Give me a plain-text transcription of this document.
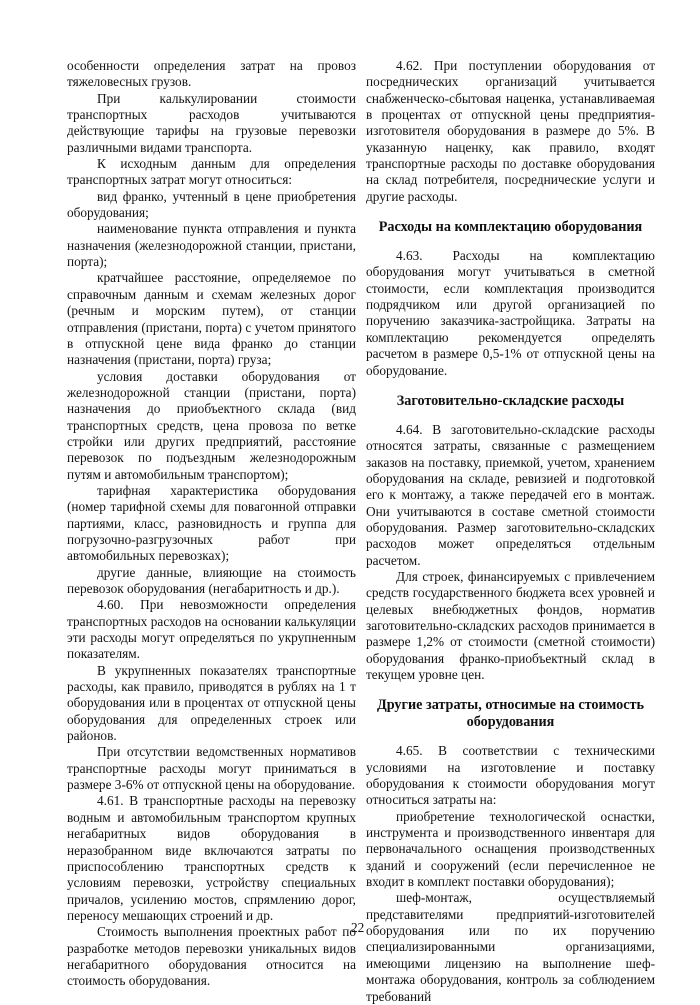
особенности определения затрат на провоз тяжеловесных грузов.

При калькулировании стоимости транспортных расходов учитываются действующие тарифы на грузовые перевозки различными видами транспорта.

К исходным данным для определения транспортных затрат могут относиться:

вид франко, учтенный в цене приобретения оборудования;

наименование пункта отправления и пункта назначения (железнодорожной станции, пристани, порта);

кратчайшее расстояние, определяемое по справочным данным и схемам железных дорог (речным и морским путем), от станции отправления (пристани, порта) с учетом принятого в отпускной цене вида франко до станции назначения (пристани, порта) груза;

условия доставки оборудования от железнодорожной станции (пристани, порта) назначения до приобъектного склада (вид транспортных средств, цена провоза по ветке стройки или других предприятий, расстояние перевозок по подъездным железнодорожным путям и автомобильным транспортом);

тарифная характеристика оборудования (номер тарифной схемы для повагонной отправки партиями, класс, разновидность и группа для погрузочно-разгрузочных работ при автомобильных перевозках);

другие данные, влияющие на стоимость перевозок оборудования (негабаритность и др.).

4.60. При невозможности определения транспортных расходов на основании калькуляции эти расходы могут определяться по укрупненным показателям.

В укрупненных показателях транспортные расходы, как правило, приводятся в рублях на 1 т оборудования или в процентах от отпускной цены оборудования для определенных строек или районов.

При отсутствии ведомственных нормативов транспортные расходы могут приниматься в размере 3-6% от отпускной цены на оборудование.

4.61. В транспортные расходы на перевозку водным и автомобильным транспортом крупных негабаритных видов оборудования в неразобранном виде включаются затраты по приспособлению транспортных средств к условиям перевозки, устройству специальных причалов, усилению мостов, спрямлению дорог, переносу мешающих строений и др.

Стоимость выполнения проектных работ по разработке методов перевозки уникальных видов негабаритного оборудования относится на стоимость оборудования.

4.62. При поступлении оборудования от посреднических организаций учитывается снабженческо-сбытовая наценка, устанавливаемая в процентах от отпускной цены предприятия-изготовителя оборудования в размере до 5%. В указанную наценку, как правило, входят транспортные расходы по доставке оборудования на склад потребителя, посреднические услуги и другие расходы.

Расходы на комплектацию оборудования

4.63. Расходы на комплектацию оборудования могут учитываться в сметной стоимости, если комплектация производится подрядчиком или другой организацией по поручению заказчика-застройщика. Затраты на комплектацию рекомендуется определять расчетом в размере 0,5-1% от отпускной цены на оборудование.

Заготовительно-складские расходы

4.64. В заготовительно-складские расходы относятся затраты, связанные с размещением заказов на поставку, приемкой, учетом, хранением оборудования на складе, ревизией и подготовкой его к монтажу, а также передачей его в монтаж. Они учитываются в составе сметной стоимости оборудования. Размер заготовительно-складских расходов может определяться отдельным расчетом.

Для строек, финансируемых с привлечением средств государственного бюджета всех уровней и целевых внебюджетных фондов, норматив заготовительно-складских расходов принимается в размере 1,2% от стоимости (сметной стоимости) оборудования франко-приобъектный склад в текущем уровне цен.

Другие затраты, относимые на стоимость оборудования

4.65. В соответствии с техническими условиями на изготовление и поставку оборудования к стоимости оборудования могут относиться затраты на:

приобретение технологической оснастки, инструмента и производственного инвентаря для первоначального оснащения производственных зданий и сооружений (если перечисленное не входит в комплект поставки оборудования);

шеф-монтаж, осуществляемый представителями предприятий-изготовителей оборудования или по их поручению специализированными организациями, имеющими лицензию на выполнение шеф-монтажа оборудования, контроль за соблюдением требований

22
